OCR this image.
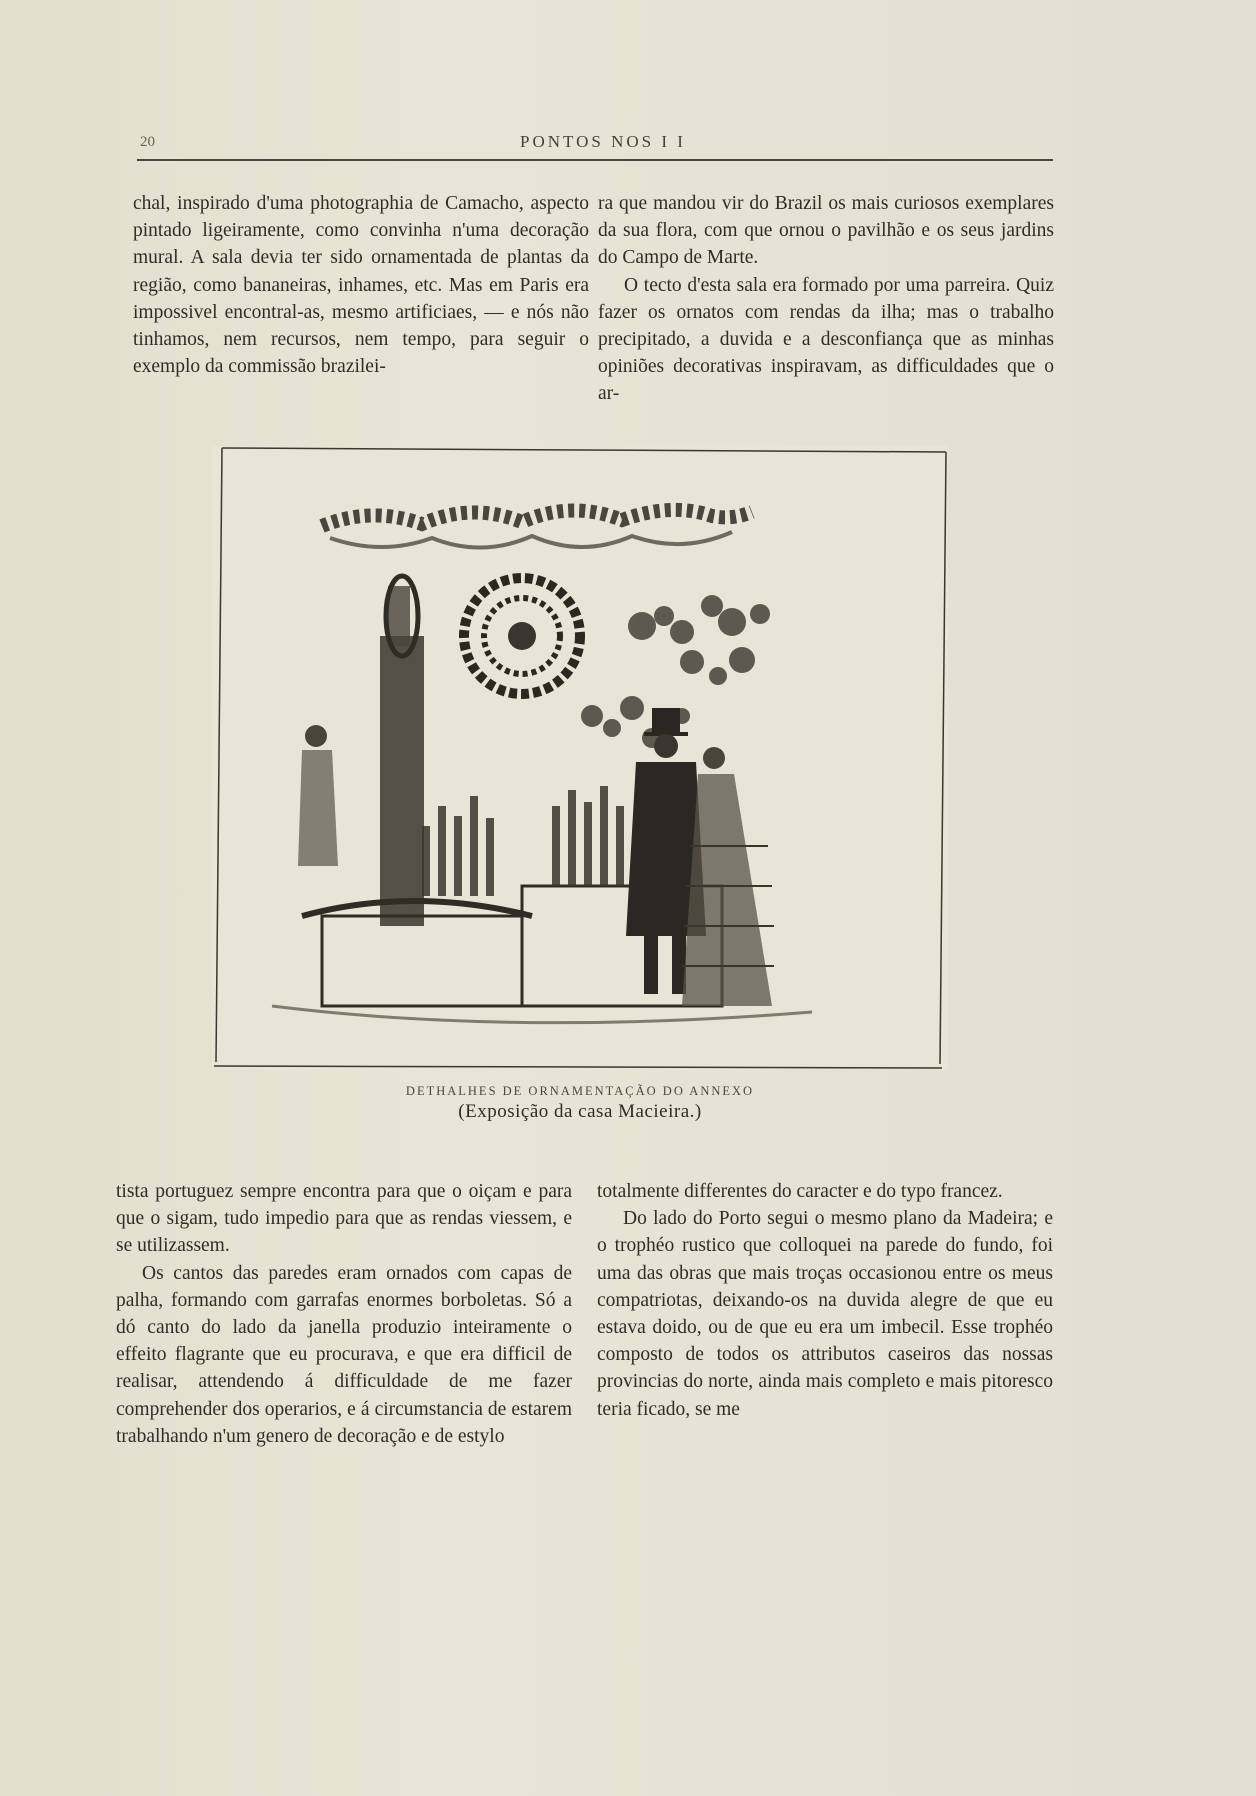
20	PONTOS NOS I I

chal, inspirado d'uma photographia de Camacho, aspecto pintado ligeiramente, como convinha n'uma decoração mural. A sala devia ter sido ornamentada de plantas da região, como bananeiras, inhames, etc. Mas em Paris era impossivel encontral-as, mesmo artificiaes, — e nós não tinhamos, nem recursos, nem tempo, para seguir o exemplo da commissão brazilei-

ra que mandou vir do Brazil os mais curiosos exemplares da sua flora, com que ornou o pavilhão e os seus jardins do Campo de Marte.

O tecto d'esta sala era formado por uma parreira. Quiz fazer os ornatos com rendas da ilha; mas o trabalho precipitado, a duvida e a desconfiança que as minhas opiniões decorativas inspiravam, as difficuldades que o ar-

DETHALHES DE ORNAMENTAÇÃO DO ANNEXO
(Exposição da casa Macieira.)

tista portuguez sempre encontra para que o oiçam e para que o sigam, tudo impedio para que as rendas viessem, e se utilizassem.

Os cantos das paredes eram ornados com capas de palha, formando com garrafas enormes borboletas. Só a dó canto do lado da janella produzio inteiramente o effeito flagrante que eu procurava, e que era difficil de realisar, attendendo á difficuldade de me fazer comprehender dos operarios, e á circumstancia de estarem trabalhando n'um genero de decoração e de estylo

totalmente differentes do caracter e do typo francez.

Do lado do Porto segui o mesmo plano da Madeira; e o trophéo rustico que colloquei na parede do fundo, foi uma das obras que mais troças occasionou entre os meus compatriotas, deixando-os na duvida alegre de que eu estava doido, ou de que eu era um imbecil. Esse trophéo composto de todos os attributos caseiros das nossas provincias do norte, ainda mais completo e mais pitoresco teria ficado, se me
